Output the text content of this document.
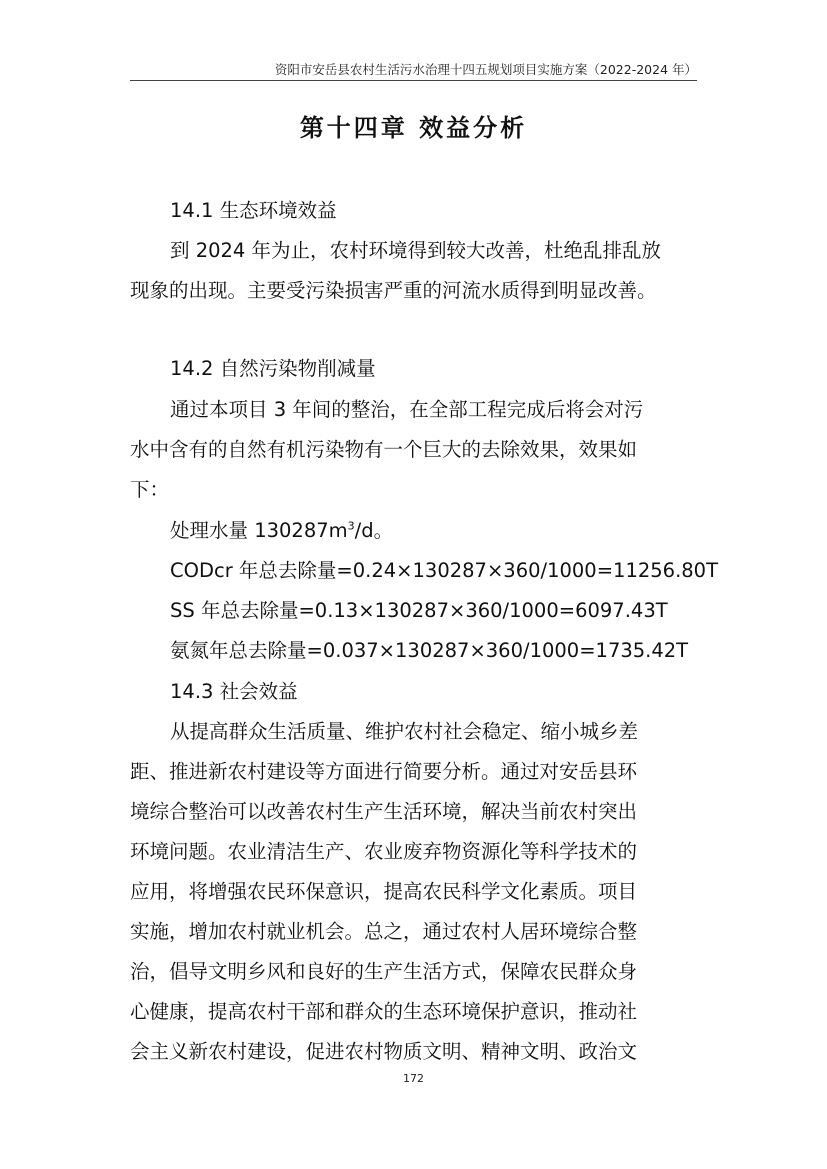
资阳市安岳县农村生活污水治理十四五规划项目实施方案（2022-2024 年）
第十四章 效益分析
14.1 生态环境效益
到 2024 年为止，农村环境得到较大改善，杜绝乱排乱放
现象的出现。主要受污染损害严重的河流水质得到明显改善。
14.2 自然污染物削减量
通过本项目 3 年间的整治，在全部工程完成后将会对污
水中含有的自然有机污染物有一个巨大的去除效果，效果如
下：
处理水量 $130287m^3/d$。
CODcr 年总去除量=0.24×130287×360/1000=11256.80T
SS 年总去除量=0.13×130287×360/1000=6097.43T
氨氮年总去除量=0.037×130287×360/1000=1735.42T
14.3 社会效益
从提高群众生活质量、维护农村社会稳定、缩小城乡差
距、推进新农村建设等方面进行简要分析。通过对安岳县环
境综合整治可以改善农村生产生活环境，解决当前农村突出
环境问题。农业清洁生产、农业废弃物资源化等科学技术的
应用，将增强农民环保意识，提高农民科学文化素质。项目
实施，增加农村就业机会。总之，通过农村人居环境综合整
治，倡导文明乡风和良好的生产生活方式，保障农民群众身
心健康，提高农村干部和群众的生态环境保护意识，推动社
会主义新农村建设，促进农村物质文明、精神文明、政治文
172
